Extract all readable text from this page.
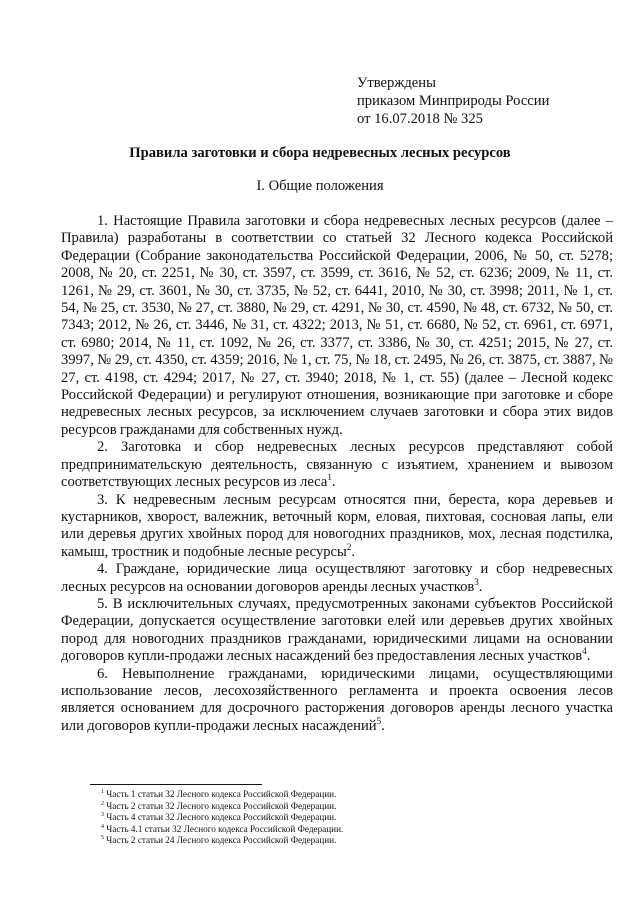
Утверждены
приказом Минприроды России
от 16.07.2018 № 325
Правила заготовки и сбора недревесных лесных ресурсов
I. Общие положения

1. Настоящие Правила заготовки и сбора недревесных лесных ресурсов (далее – Правила) разработаны в соответствии со статьей 32 Лесного кодекса Российской Федерации (Собрание законодательства Российской Федерации, 2006, № 50, ст. 5278; 2008, № 20, ст. 2251, № 30, ст. 3597, ст. 3599, ст. 3616, № 52, ст. 6236; 2009, № 11, ст. 1261, № 29, ст. 3601, № 30, ст. 3735, № 52, ст. 6441, 2010, № 30, ст. 3998; 2011, № 1, ст. 54, № 25, ст. 3530, № 27, ст. 3880, № 29, ст. 4291, № 30, ст. 4590, № 48, ст. 6732, № 50, ст. 7343; 2012, № 26, ст. 3446, № 31, ст. 4322; 2013, № 51, ст. 6680, № 52, ст. 6961, ст. 6971, ст. 6980; 2014, № 11, ст. 1092, № 26, ст. 3377, ст. 3386, № 30, ст. 4251; 2015, № 27, ст. 3997, № 29, ст. 4350, ст. 4359; 2016, № 1, ст. 75, № 18, ст. 2495, № 26, ст. 3875, ст. 3887, № 27, ст. 4198, ст. 4294; 2017, № 27, ст. 3940; 2018, № 1, ст. 55) (далее – Лесной кодекс Российской Федерации) и регулируют отношения, возникающие при заготовке и сборе недревесных лесных ресурсов, за исключением случаев заготовки и сбора этих видов ресурсов гражданами для собственных нужд.

2. Заготовка и сбор недревесных лесных ресурсов представляют собой предпринимательскую деятельность, связанную с изъятием, хранением и вывозом соответствующих лесных ресурсов из леса$^1$.

3. К недревесным лесным ресурсам относятся пни, береста, кора деревьев и кустарников, хворост, валежник, веточный корм, еловая, пихтовая, сосновая лапы, ели или деревья других хвойных пород для новогодних праздников, мох, лесная подстилка, камыш, тростник и подобные лесные ресурсы$^2$.

4. Граждане, юридические лица осуществляют заготовку и сбор недревесных лесных ресурсов на основании договоров аренды лесных участков$^3$.

5. В исключительных случаях, предусмотренных законами субъектов Российской Федерации, допускается осуществление заготовки елей или деревьев других хвойных пород для новогодних праздников гражданами, юридическими лицами на основании договоров купли-продажи лесных насаждений без предоставления лесных участков$^4$.

6. Невыполнение гражданами, юридическими лицами, осуществляющими использование лесов, лесохозяйственного регламента и проекта освоения лесов является основанием для досрочного расторжения договоров аренды лесного участка или договоров купли-продажи лесных насаждений$^5$.

$^1$ Часть 1 статьи 32 Лесного кодекса Российской Федерации.
$^2$ Часть 2 статьи 32 Лесного кодекса Российской Федерации.
$^3$ Часть 4 статьи 32 Лесного кодекса Российской Федерации.
$^4$ Часть 4.1 статьи 32 Лесного кодекса Российской Федерации.
$^5$ Часть 2 статьи 24 Лесного кодекса Российской Федерации.
